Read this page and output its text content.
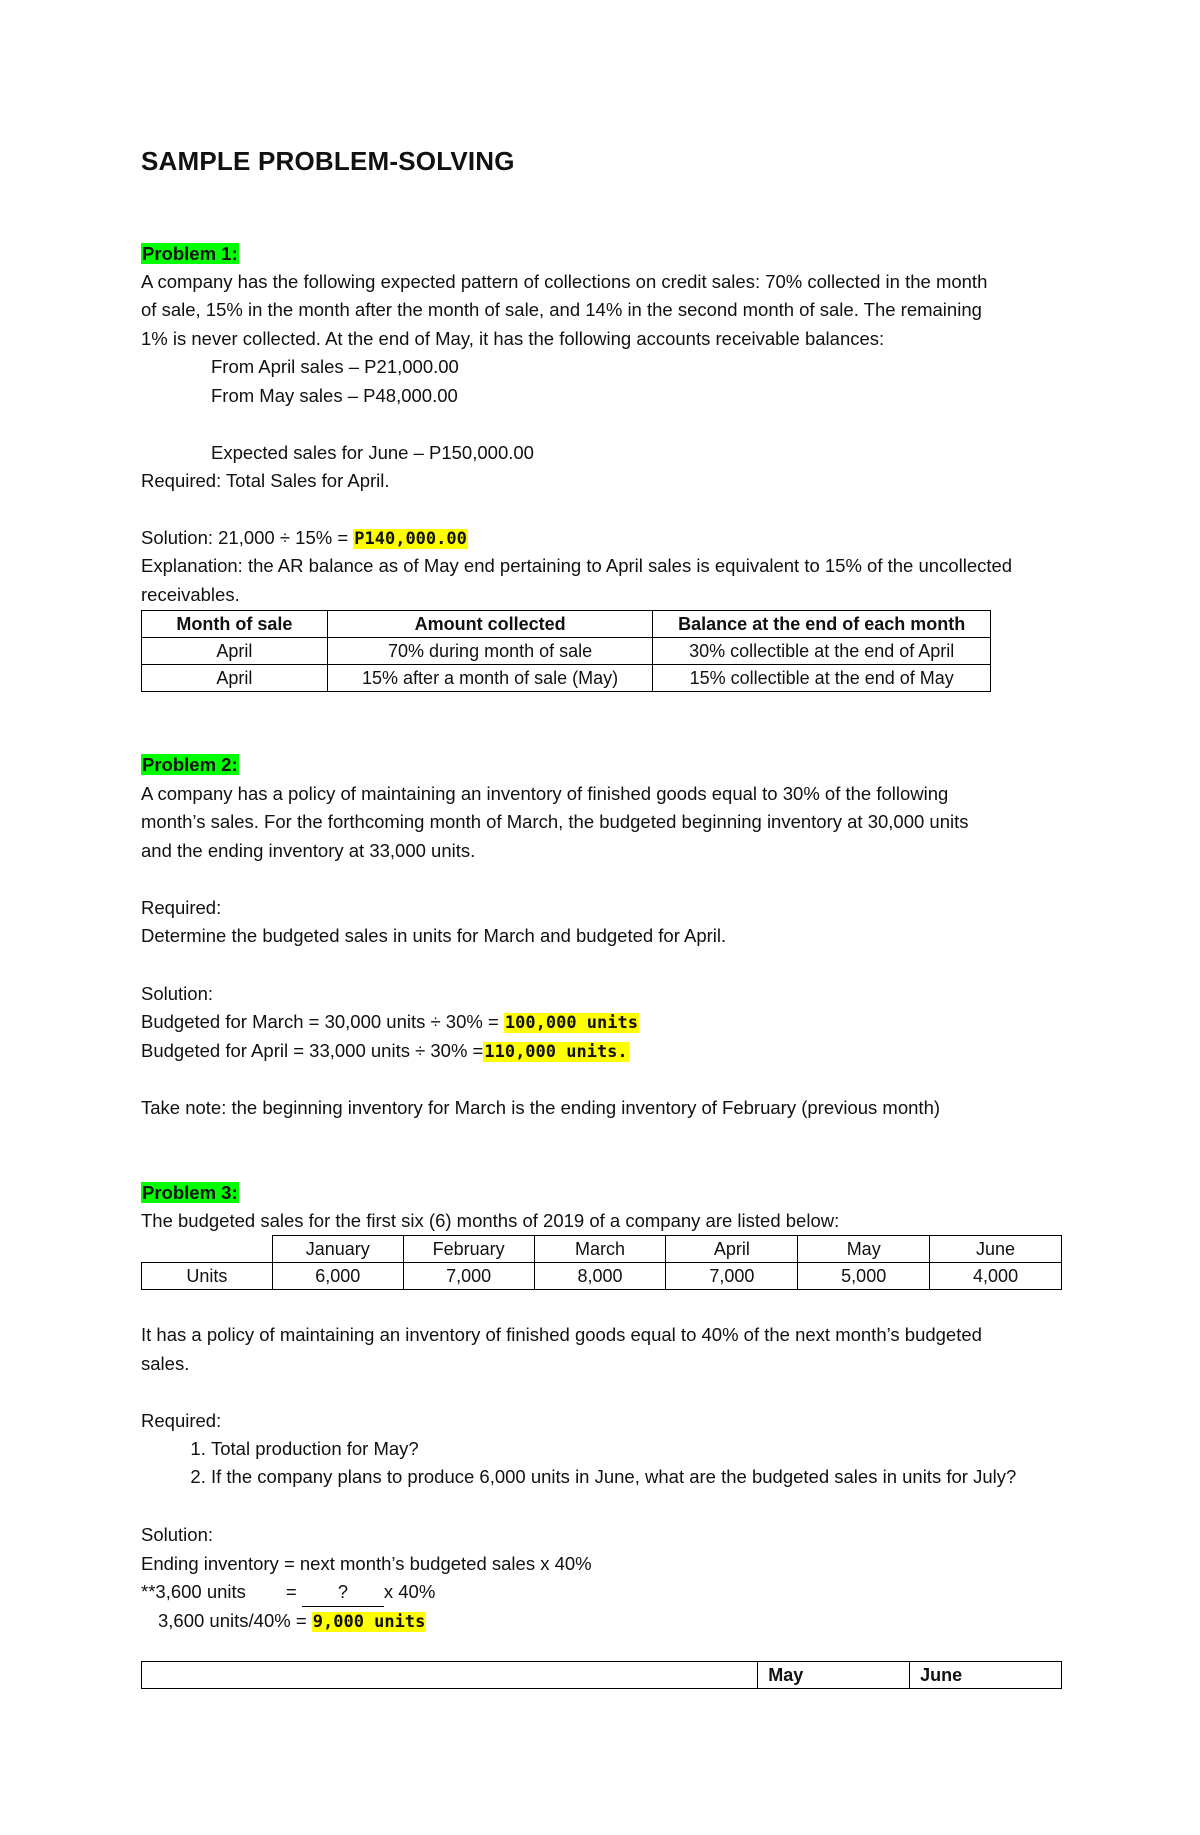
SAMPLE PROBLEM-SOLVING
Problem 1:
A company has the following expected pattern of collections on credit sales: 70% collected in the month
of sale, 15% in the month after the month of sale, and 14% in the second month of sale. The remaining
1% is never collected. At the end of May, it has the following accounts receivable balances:
From April sales – P21,000.00
From May sales – P48,000.00
Expected sales for June – P150,000.00
Required: Total Sales for April.
Solution: 21,000 ÷ 15% = P140,000.00
Explanation: the AR balance as of May end pertaining to April sales is equivalent to 15% of the uncollected
receivables.
Month of sale	Amount collected	Balance at the end of each month
April	70% during month of sale	30% collectible at the end of April
April	15% after a month of sale (May)	15% collectible at the end of May
Problem 2:
A company has a policy of maintaining an inventory of finished goods equal to 30% of the following
month’s sales. For the forthcoming month of March, the budgeted beginning inventory at 30,000 units
and the ending inventory at 33,000 units.
Required:
Determine the budgeted sales in units for March and budgeted for April.
Solution:
Budgeted for March = 30,000 units ÷ 30% = 100,000 units
Budgeted for April = 33,000 units ÷ 30% =110,000 units.
Take note: the beginning inventory for March is the ending inventory of February (previous month)
Problem 3:
The budgeted sales for the first six (6) months of 2019 of a company are listed below:
	January	February	March	April	May	June
Units	6,000	7,000	8,000	7,000	5,000	4,000
It has a policy of maintaining an inventory of finished goods equal to 40% of the next month’s budgeted
sales.
Required:
1. Total production for May?
2. If the company plans to produce 6,000 units in June, what are the budgeted sales in units for July?
Solution:
Ending inventory = next month’s budgeted sales x 40%
**3,600 units = ? x 40%
3,600 units/40% = 9,000 units
	May	June
